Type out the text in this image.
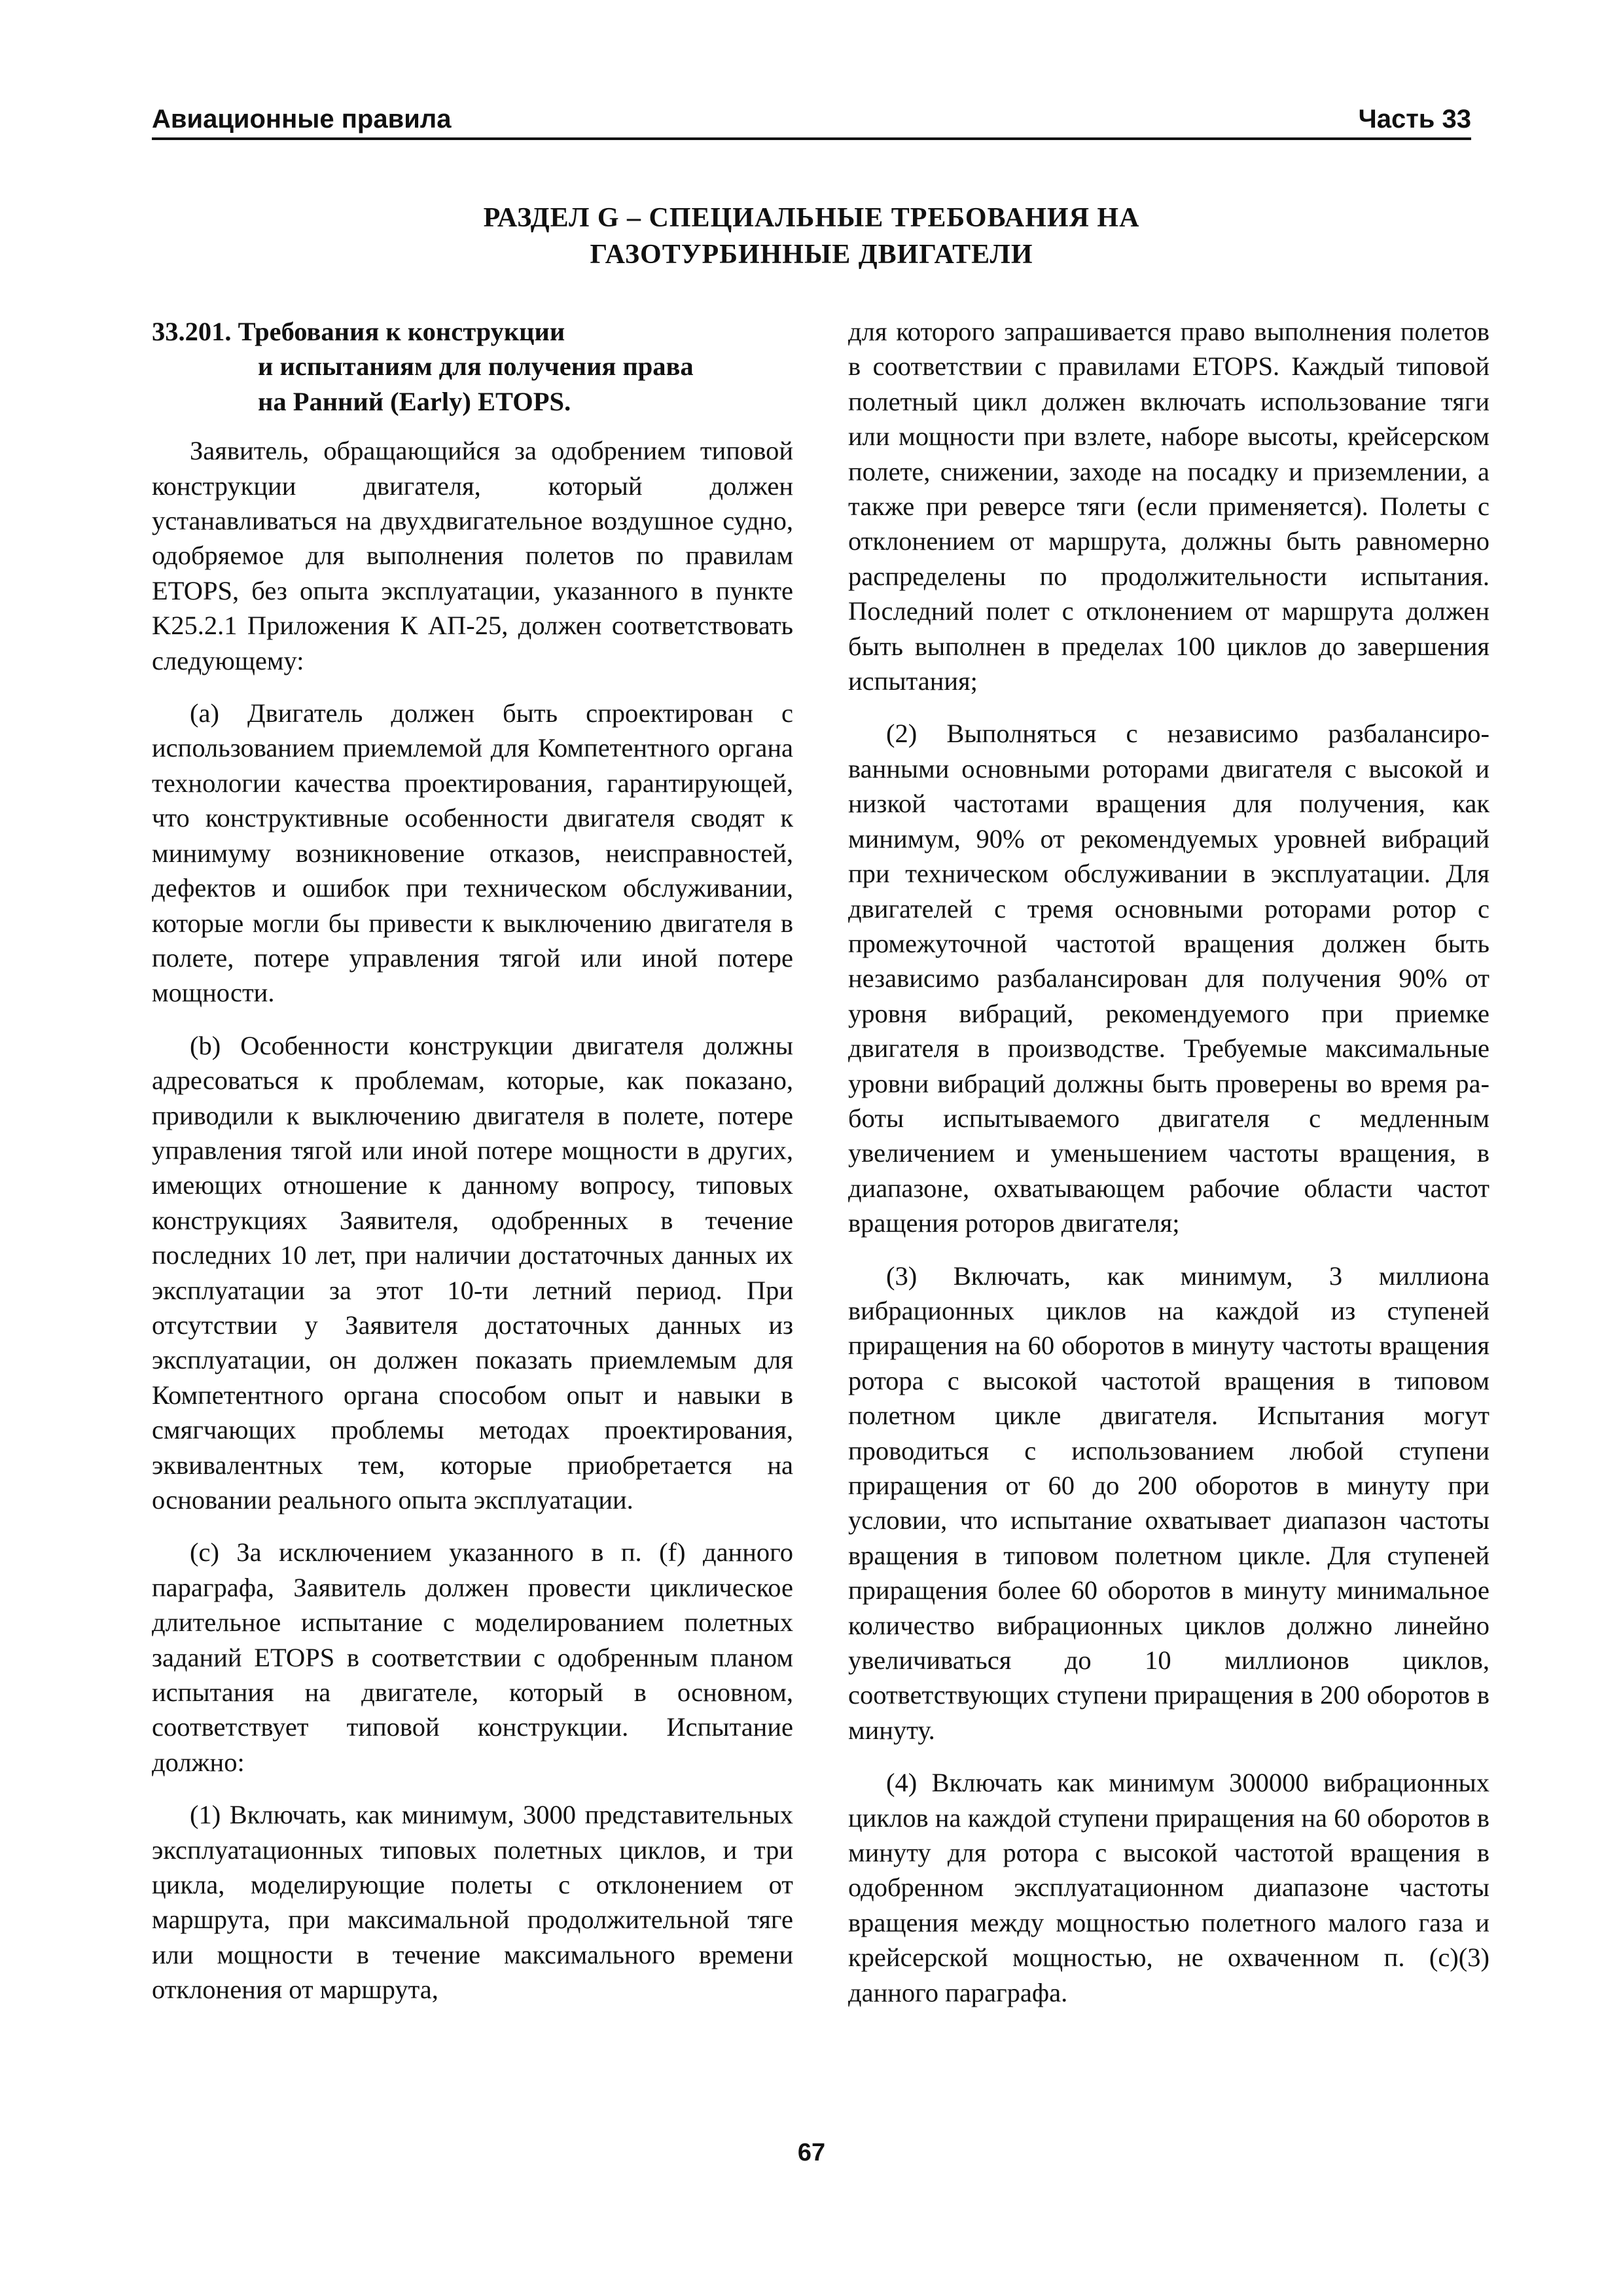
Авиационные правила	Часть 33
РАЗДЕЛ G – СПЕЦИАЛЬНЫЕ ТРЕБОВАНИЯ НА
ГАЗОТУРБИННЫЕ ДВИГАТЕЛИ
33.201. Требования к конструкции
и испытаниям для получения права
на Ранний (Early) ETOPS.

Заявитель, обращающийся за одобрением типовой конструкции двигателя, который должен устанавливаться на двухдвигательное воздушное судно, одобряемое для выполнения полетов по правилам ETOPS, без опыта эксплуатации, указанного в пункте K25.2.1 Приложения К АП-25, должен соответствовать следующему:

(a) Двигатель должен быть спроектирован с использованием приемлемой для Компетентного органа технологии качества проектирования, гарантирующей, что конструктивные особенности двигателя сводят к минимуму возникновение отказов, неисправностей, дефектов и ошибок при техническом обслуживании, которые могли бы привести к выключению двигателя в полете, потере управления тягой или иной потере мощности.

(b) Особенности конструкции двигателя должны адресоваться к проблемам, которые, как показано, приводили к выключению двигателя в полете, потере управления тягой или иной потере мощности в других, имеющих отношение к данному вопросу, типовых конструкциях Заявителя, одобренных в течение последних 10 лет, при наличии достаточных данных их эксплуатации за этот 10-ти летний период. При отсутствии у Заявителя достаточных данных из эксплуатации, он должен показать приемлемым для Компетентного органа способом опыт и навыки в смягчающих проблемы методах проектирования, эквивалентных тем, которые приобретается на основании реального опыта эксплуатации.

(c) За исключением указанного в п. (f) данного параграфа, Заявитель должен провести циклическое длительное испытание с моделированием полетных заданий ETOPS в соответствии с одобренным планом испытания на двигателе, который в основном, соответствует типовой конструкции. Испытание должно:

(1) Включать, как минимум, 3000 представительных эксплуатационных типовых полетных циклов, и три цикла, моделирующие полеты с отклонением от маршрута, при максимальной продолжительной тяге или мощности в течение максимального времени отклонения от маршрута,

для которого запрашивается право выполнения полетов в соответствии с правилами ETOPS. Каждый типовой полетный цикл должен включать использование тяги или мощности при взлете, наборе высоты, крейсерском полете, снижении, заходе на посадку и приземлении, а также при реверсе тяги (если применяется). Полеты с отклонением от маршрута, должны быть равномерно распределены по продолжительности испытания. Последний полет с отклонением от маршрута должен быть выполнен в пределах 100 циклов до завершения испытания;

(2) Выполняться с независимо разбалансированными основными роторами двигателя с высокой и низкой частотами вращения для получения, как минимум, 90% от рекомендуемых уровней вибраций при техническом обслуживании в эксплуатации. Для двигателей с тремя основными роторами ротор с промежуточной частотой вращения должен быть независимо разбалансирован для получения 90% от уровня вибраций, рекомендуемого при приемке двигателя в производстве. Требуемые максимальные уровни вибраций должны быть проверены во время работы испытываемого двигателя с медленным увеличением и уменьшением частоты вращения, в диапазоне, охватывающем рабочие области частот вращения роторов двигателя;

(3) Включать, как минимум, 3 миллиона вибрационных циклов на каждой из ступеней приращения на 60 оборотов в минуту частоты вращения ротора с высокой частотой вращения в типовом полетном цикле двигателя. Испытания могут проводиться с использованием любой ступени приращения от 60 до 200 оборотов в минуту при условии, что испытание охватывает диапазон частоты вращения в типовом полетном цикле. Для ступеней приращения более 60 оборотов в минуту минимальное количество вибрационных циклов должно линейно увеличиваться до 10 миллионов циклов, соответствующих ступени приращения в 200 оборотов в минуту.

(4) Включать как минимум 300000 вибрационных циклов на каждой ступени приращения на 60 оборотов в минуту для ротора с высокой частотой вращения в одобренном эксплуатационном диапазоне частоты вращения между мощностью полетного малого газа и крейсерской мощностью, не охваченном п. (c)(3) данного параграфа.

67
